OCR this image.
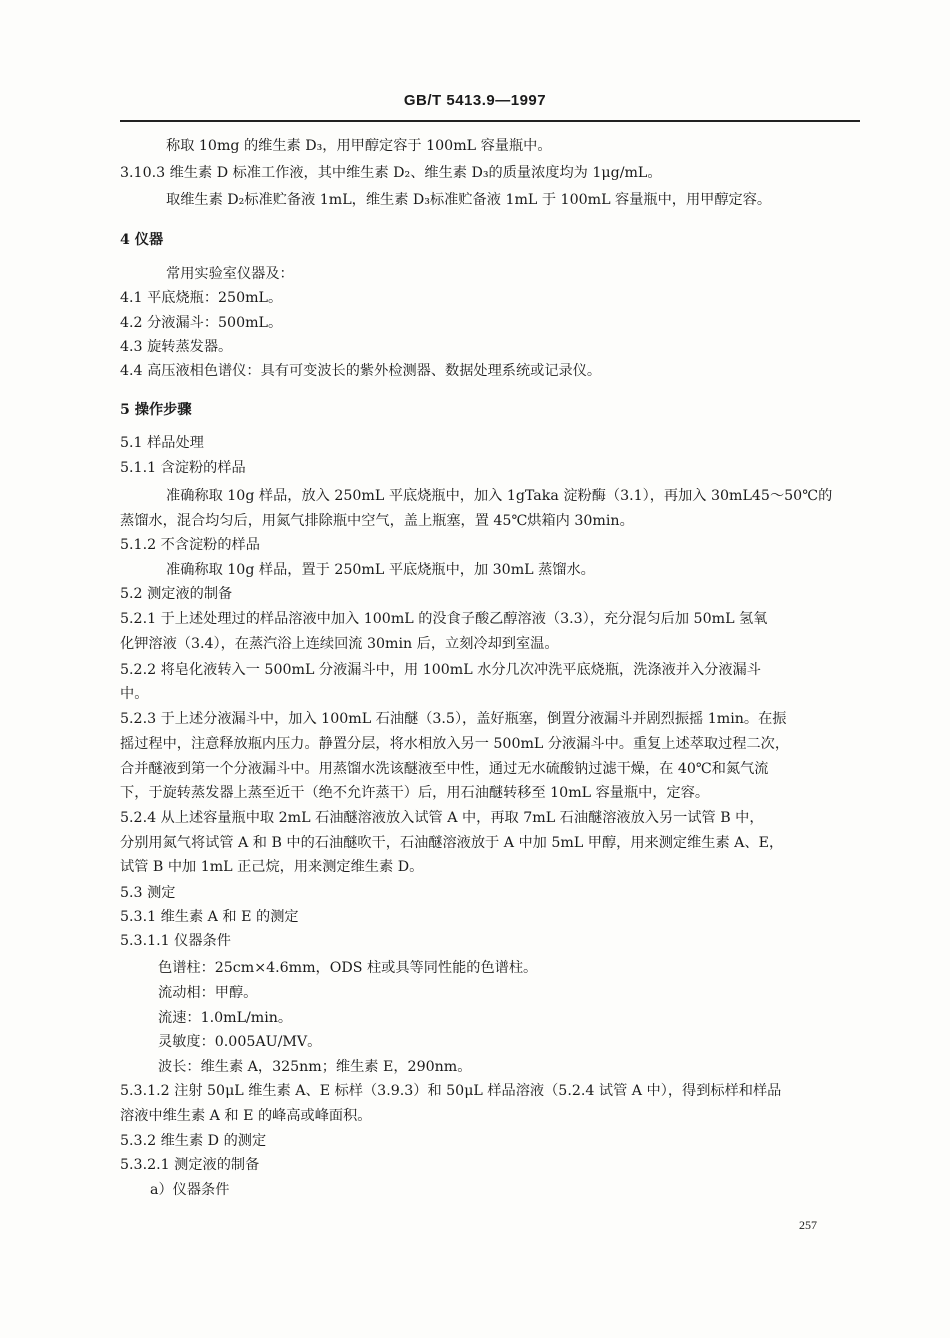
GB/T 5413.9—1997
称取 10mg 的维生素 D₃，用甲醇定容于 100mL 容量瓶中。
3.10.3 维生素 D 标准工作液，其中维生素 D₂、维生素 D₃的质量浓度均为 1μg/mL。
取维生素 D₂标准贮备液 1mL，维生素 D₃标准贮备液 1mL 于 100mL 容量瓶中，用甲醇定容。
4 仪器
常用实验室仪器及：
4.1 平底烧瓶：250mL。
4.2 分液漏斗：500mL。
4.3 旋转蒸发器。
4.4 高压液相色谱仪：具有可变波长的紫外检测器、数据处理系统或记录仪。
5 操作步骤
5.1 样品处理
5.1.1 含淀粉的样品
准确称取 10g 样品，放入 250mL 平底烧瓶中，加入 1gTaka 淀粉酶（3.1），再加入 30mL45～50℃的
蒸馏水，混合均匀后，用氮气排除瓶中空气，盖上瓶塞，置 45℃烘箱内 30min。
5.1.2 不含淀粉的样品
准确称取 10g 样品，置于 250mL 平底烧瓶中，加 30mL 蒸馏水。
5.2 测定液的制备
5.2.1 于上述处理过的样品溶液中加入 100mL 的没食子酸乙醇溶液（3.3），充分混匀后加 50mL 氢氧
化钾溶液（3.4），在蒸汽浴上连续回流 30min 后，立刻冷却到室温。
5.2.2 将皂化液转入一 500mL 分液漏斗中，用 100mL 水分几次冲洗平底烧瓶，洗涤液并入分液漏斗
中。
5.2.3 于上述分液漏斗中，加入 100mL 石油醚（3.5），盖好瓶塞，倒置分液漏斗并剧烈振摇 1min。在振
摇过程中，注意释放瓶内压力。静置分层，将水相放入另一 500mL 分液漏斗中。重复上述萃取过程二次，
合并醚液到第一个分液漏斗中。用蒸馏水洗该醚液至中性，通过无水硫酸钠过滤干燥，在 40℃和氮气流
下，于旋转蒸发器上蒸至近干（绝不允许蒸干）后，用石油醚转移至 10mL 容量瓶中，定容。
5.2.4 从上述容量瓶中取 2mL 石油醚溶液放入试管 A 中，再取 7mL 石油醚溶液放入另一试管 B 中，
分别用氮气将试管 A 和 B 中的石油醚吹干，石油醚溶液放于 A 中加 5mL 甲醇，用来测定维生素 A、E，
试管 B 中加 1mL 正己烷，用来测定维生素 D。
5.3 测定
5.3.1 维生素 A 和 E 的测定
5.3.1.1 仪器条件
色谱柱：25cm×4.6mm，ODS 柱或具等同性能的色谱柱。
流动相：甲醇。
流速：1.0mL/min。
灵敏度：0.005AU/MV。
波长：维生素 A，325nm；维生素 E，290nm。
5.3.1.2 注射 50μL 维生素 A、E 标样（3.9.3）和 50μL 样品溶液（5.2.4 试管 A 中），得到标样和样品
溶液中维生素 A 和 E 的峰高或峰面积。
5.3.2 维生素 D 的测定
5.3.2.1 测定液的制备
a）仪器条件
257
